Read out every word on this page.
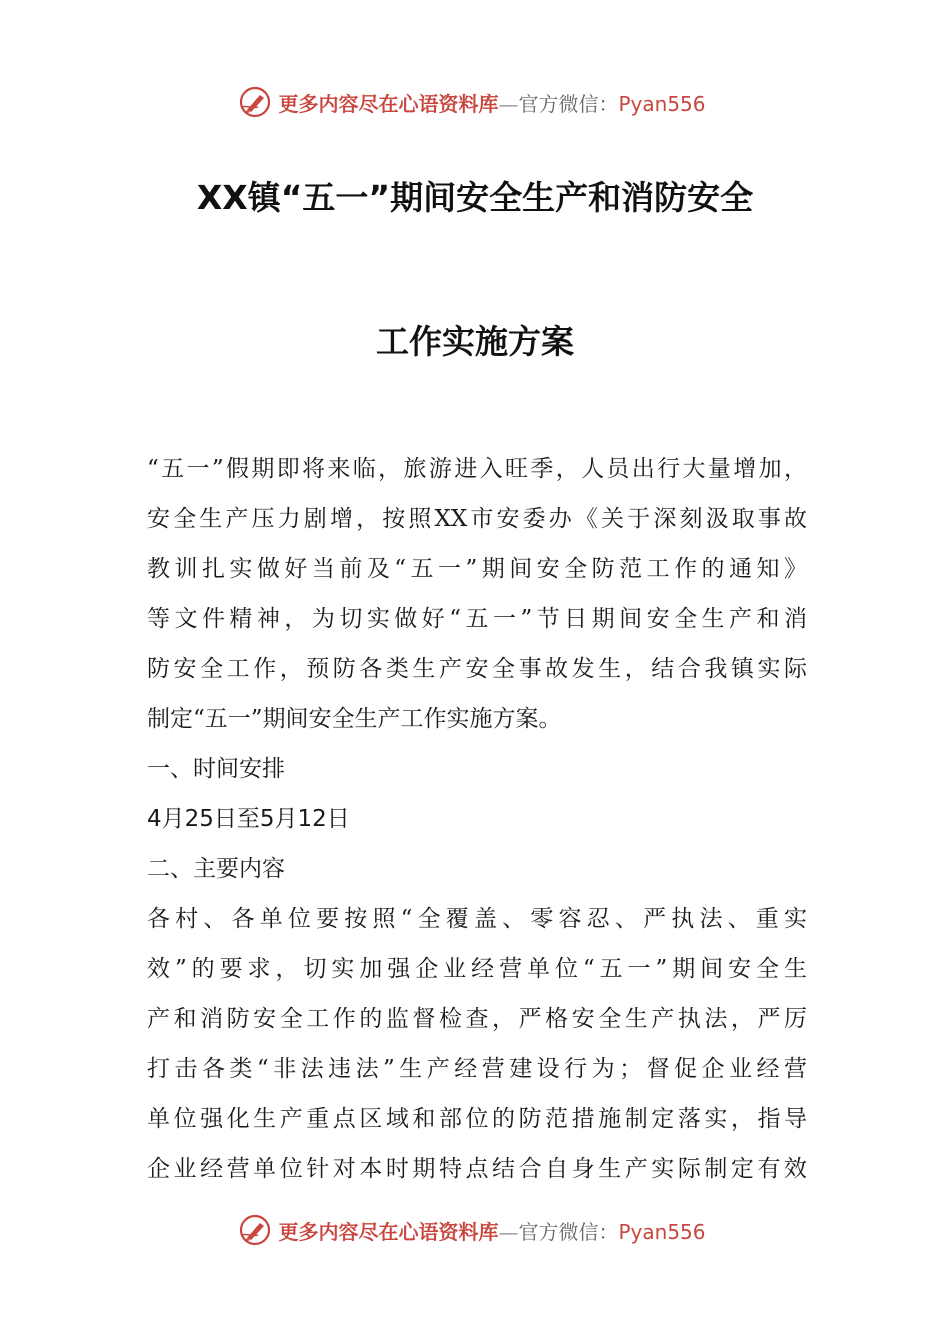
更多内容尽在心语资料库—官方微信：Pyan556
XX镇“五一”期间安全生产和消防安全
工作实施方案
“五一”假期即将来临，旅游进入旺季，人员出行大量增加，
安全生产压力剧增，按照XX市安委办《关于深刻汲取事故
教训扎实做好当前及“五一”期间安全防范工作的通知》
等文件精神，为切实做好“五一”节日期间安全生产和消
防安全工作，预防各类生产安全事故发生，结合我镇实际
制定“五一”期间安全生产工作实施方案。
一、时间安排
4月25日至5月12日
二、主要内容
各村、各单位要按照“全覆盖、零容忍、严执法、重实
效”的要求，切实加强企业经营单位“五一”期间安全生
产和消防安全工作的监督检查，严格安全生产执法，严厉
打击各类“非法违法”生产经营建设行为；督促企业经营
单位强化生产重点区域和部位的防范措施制定落实，指导
企业经营单位针对本时期特点结合自身生产实际制定有效
更多内容尽在心语资料库—官方微信：Pyan556
